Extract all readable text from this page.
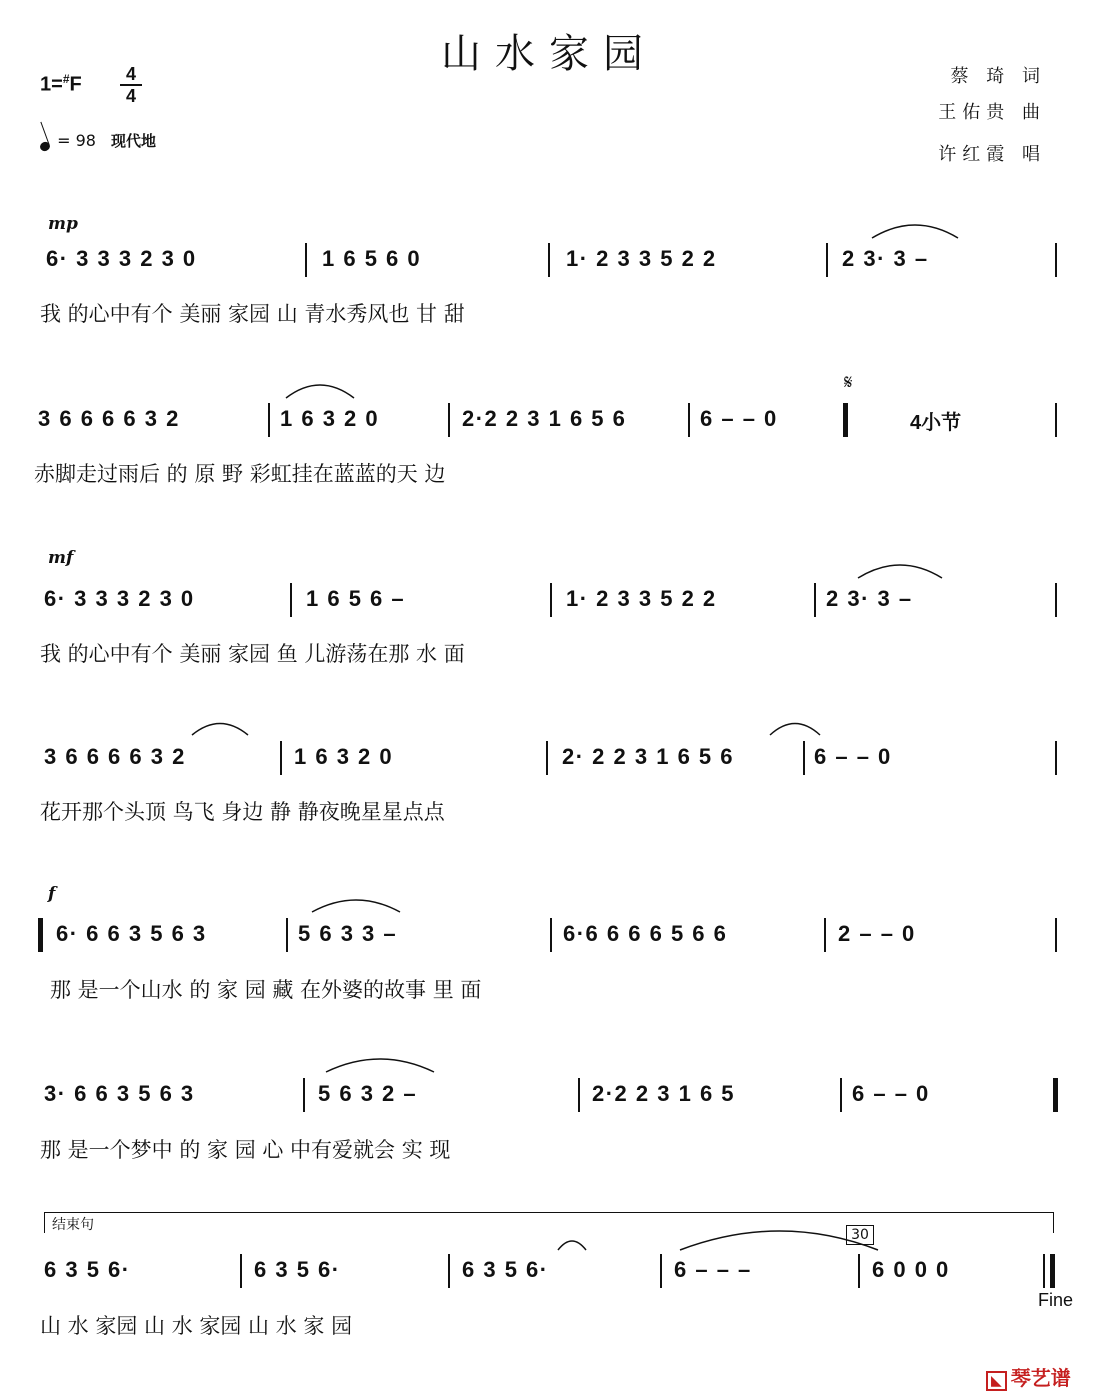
山水家园
1=#F	4
4
= 98 现代地
蔡 琦 词
王佑贵 曲
许红霞 唱
mp
mf
f
6· 3 3 3 2 3 0	1 6 5 6 0	1· 2 3 3 5 2 2	2 3· 3 –
我 的心中有个 美丽 家园 山 青水秀风也 甘 甜
3 6 6 6 6 3 2	1 6 3 2 0	2·2 2 3 1 6 5 6	6 – – 0
𝄋
4小节
赤脚走过雨后 的 原 野 彩虹挂在蓝蓝的天 边
6· 3 3 3 2 3 0	1 6 5 6 –	1· 2 3 3 5 2 2	2 3· 3 –
我 的心中有个 美丽 家园 鱼 儿游荡在那 水 面
3 6 6 6 6 3 2	1 6 3 2 0	2· 2 2 3 1 6 5 6	6 – – 0
花开那个头顶 鸟飞 身边 静 静夜晚星星点点
6· 6 6 3 5 6 3	5 6 3 3 –	6·6 6 6 6 5 6 6	2 – – 0
那 是一个山水 的 家 园 藏 在外婆的故事 里 面
3· 6 6 3 5 6 3	5 6 3 2 –	2·2 2 3 1 6 5	6 – – 0
那 是一个梦中 的 家 园 心 中有爱就会 实 现
结束句
30
6 3 5 6·	6 3 5 6·	6 3 5 6·	6 – – –	6 0 0 0
Fine
山 水 家园 山 水 家园 山 水 家 园
◣ 琴艺谱
